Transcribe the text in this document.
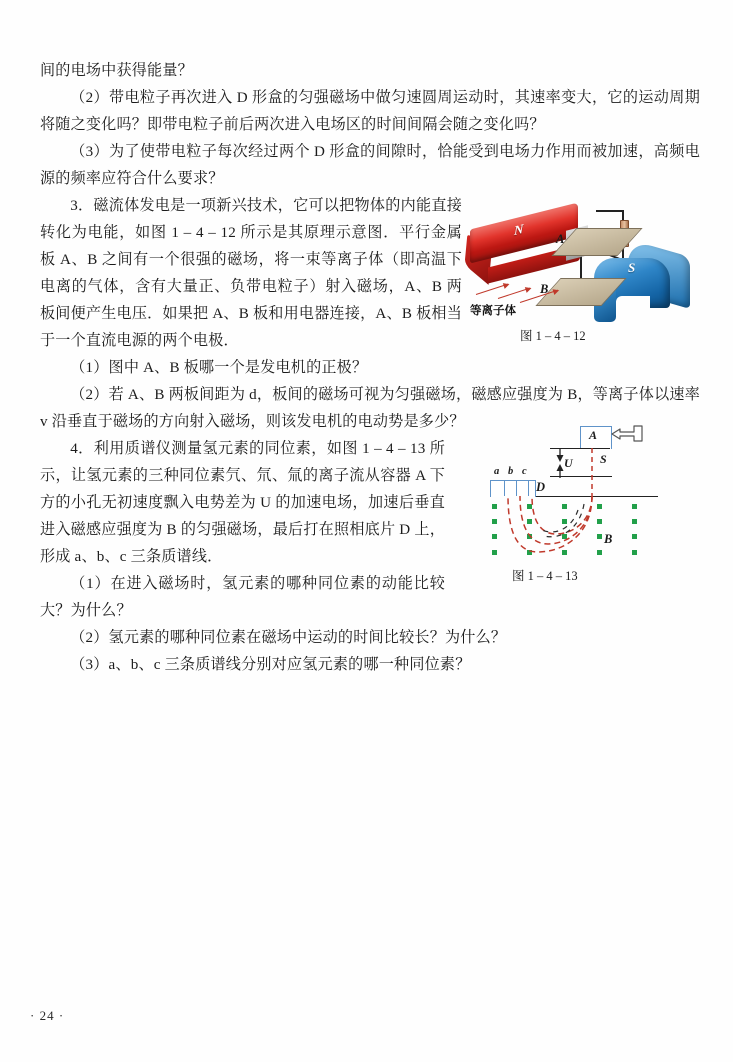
间的电场中获得能量？

（2）带电粒子再次进入 D 形盒的匀强磁场中做匀速圆周运动时，其速率变大，它的运动周期将随之变化吗？即带电粒子前后两次进入电场区的时间间隔会随之变化吗？

（3）为了使带电粒子每次经过两个 D 形盒的间隙时，恰能受到电场力作用而被加速，高频电源的频率应符合什么要求？

3．磁流体发电是一项新兴技术，它可以把物体的内能直接转化为电能，如图 1 – 4 – 12 所示是其原理示意图．平行金属板 A、B 之间有一个很强的磁场，将一束等离子体（即高温下电离的气体，含有大量正、负带电粒子）射入磁场，A、B 两板间便产生电压．如果把 A、B 板和用电器连接，A、B 板相当于一个直流电源的两个电极．

（1）图中 A、B 板哪一个是发电机的正极？

（2）若 A、B 两板间距为 d，板间的磁场可视为匀强磁场，磁感应强度为 B，等离子体以速率 v 沿垂直于磁场的方向射入磁场，则该发电机的电动势是多少？

4．利用质谱仪测量氢元素的同位素，如图 1 – 4 – 13 所示，让氢元素的三种同位素氕、氘、氚的离子流从容器 A 下方的小孔无初速度飘入电势差为 U 的加速电场，加速后垂直进入磁感应强度为 B 的匀强磁场，最后打在照相底片 D 上，形成 a、b、c 三条质谱线．

（1）在进入磁场时，氢元素的哪种同位素的动能比较大？为什么？

（2）氢元素的哪种同位素在磁场中运动的时间比较长？为什么？

（3）a、b、c 三条质谱线分别对应氢元素的哪一种同位素？

N
S
A
B
等离子体
图 1 – 4 – 12
A
U S
a b c
D
B
图 1 – 4 – 13
· 24 ·
